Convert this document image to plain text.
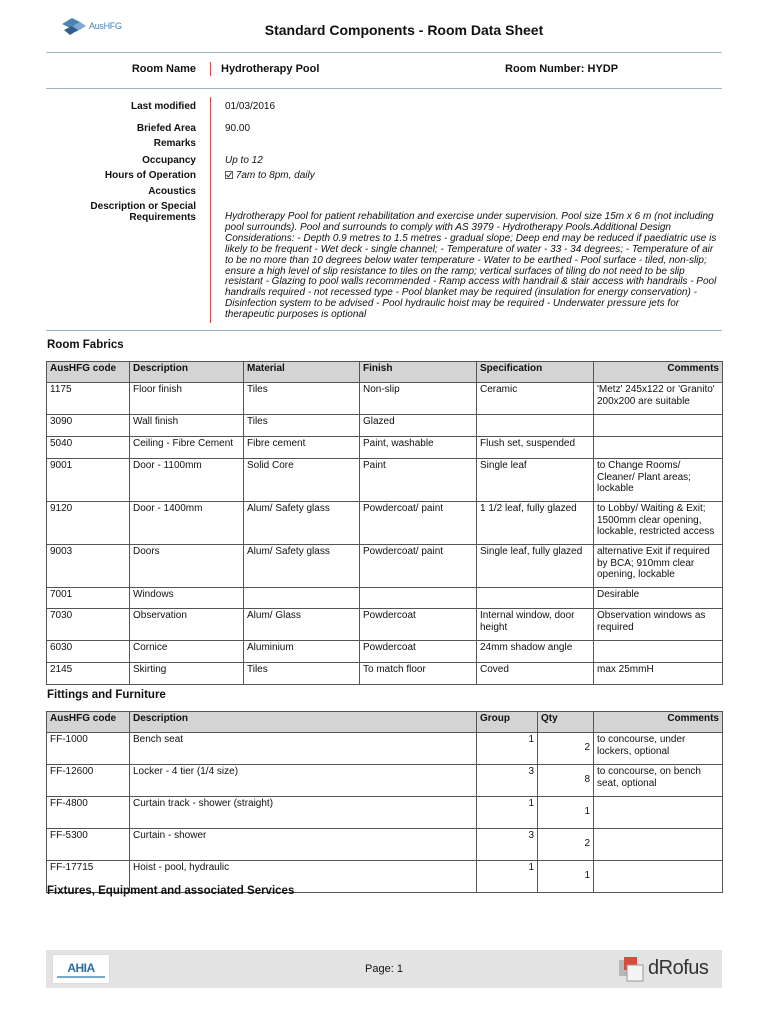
AusHFG	Standard Components - Room Data Sheet
Room Name Hydrotherapy Pool	Room Number: HYDP
Last modified	01/03/2016
Briefed Area	90.00
Remarks
Occupancy	Up to 12
Hours of Operation	7am to 8pm, daily
Acoustics
Description or Special
Requirements	Hydrotherapy Pool for patient rehabilitation and exercise under supervision. Pool size 15m x 6 m (not including pool surrounds). Pool and surrounds to comply with AS 3979 - Hydrotherapy Pools.Additional Design Considerations: - Depth 0.9 metres to 1.5 metres - gradual slope; Deep end may be reduced if paediatric use is likely to be frequent - Wet deck - single channel; - Temperature of water - 33 - 34 degrees; - Temperature of air to be no more than 10 degrees below water temperature - Water to be earthed - Pool surface - tiled, non-slip; ensure a high level of slip resistance to tiles on the ramp; vertical surfaces of tiling do not need to be slip resistant - Glazing to pool walls recommended - Ramp access with handrail & stair access with handrails - Pool handrails required - not recessed type - Pool blanket may be required (insulation for energy conservation) - Disinfection system to be advised - Pool hydraulic hoist may be required - Underwater pressure jets for therapeutic purposes is optional
Room Fabrics
AusHFG code	Description	Material	Finish	Specification	Comments
1175	Floor finish	Tiles	Non-slip	Ceramic	'Metz' 245x122 or 'Granito' 200x200 are suitable
3090	Wall finish	Tiles	Glazed		
5040	Ceiling - Fibre Cement	Fibre cement	Paint, washable	Flush set, suspended	
9001	Door - 1100mm	Solid Core	Paint	Single leaf	to Change Rooms/ Cleaner/ Plant areas; lockable
9120	Door - 1400mm	Alum/ Safety glass	Powdercoat/ paint	1 1/2 leaf, fully glazed	to Lobby/ Waiting & Exit; 1500mm clear opening, lockable, restricted access
9003	Doors	Alum/ Safety glass	Powdercoat/ paint	Single leaf, fully glazed	alternative Exit if required by BCA; 910mm clear opening, lockable
7001	Windows				Desirable
7030	Observation	Alum/ Glass	Powdercoat	Internal window, door height	Observation windows as required
6030	Cornice	Aluminium	Powdercoat	24mm shadow angle	
2145	Skirting	Tiles	To match floor	Coved	max 25mmH
Fittings and Furniture
AusHFG code	Description	Group	Qty	Comments
FF-1000	Bench seat	1	2	to concourse, under lockers, optional
FF-12600	Locker - 4 tier (1/4 size)	3	8	to concourse, on bench seat, optional
FF-4800	Curtain track - shower (straight)	1	1	
FF-5300	Curtain - shower	3	2	
FF-17715	Hoist - pool, hydraulic	1	1	
Fixtures, Equipment and associated Services
AHIA	Page: 1	dRofus
